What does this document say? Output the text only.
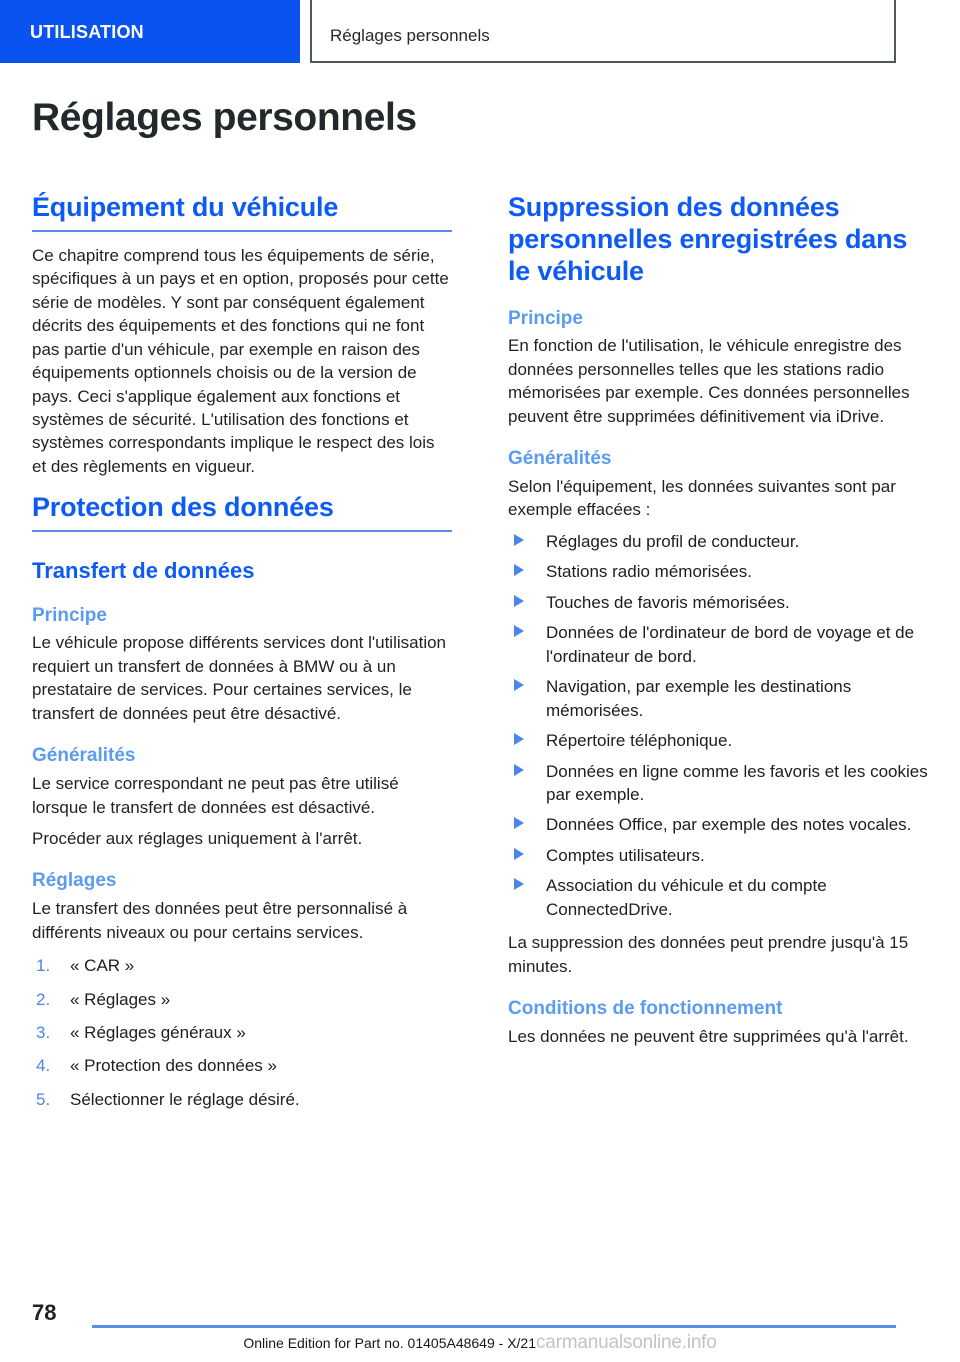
UTILISATION	Réglages personnels
Réglages personnels
Équipement du véhicule

Ce chapitre comprend tous les équipements de série, spécifiques à un pays et en option, proposés pour cette série de modèles. Y sont par conséquent également décrits des équipements et des fonctions qui ne font pas partie d'un véhicule, par exemple en raison des équipements optionnels choisis ou de la version de pays. Ceci s'applique également aux fonctions et systèmes de sécurité. L'utilisation des fonctions et systèmes correspondants implique le respect des lois et des règlements en vigueur.

Protection des données
Transfert de données
Principe

Le véhicule propose différents services dont l'utilisation requiert un transfert de données à BMW ou à un prestataire de services. Pour certaines services, le transfert de données peut être désactivé.

Généralités

Le service correspondant ne peut pas être utilisé lorsque le transfert de données est désactivé.

Procéder aux réglages uniquement à l'arrêt.

Réglages

Le transfert des données peut être personnalisé à différents niveaux ou pour certains services.

1. « CAR »
2. « Réglages »
3. « Réglages généraux »
4. « Protection des données »
5. Sélectionner le réglage désiré.
Suppression des données personnelles enregistrées dans le véhicule
Principe

En fonction de l'utilisation, le véhicule enregistre des données personnelles telles que les stations radio mémorisées par exemple. Ces données personnelles peuvent être supprimées définitivement via iDrive.

Généralités

Selon l'équipement, les données suivantes sont par exemple effacées :

Réglages du profil de conducteur.
Stations radio mémorisées.
Touches de favoris mémorisées.
Données de l'ordinateur de bord de voyage et de l'ordinateur de bord.
Navigation, par exemple les destinations mémorisées.
Répertoire téléphonique.
Données en ligne comme les favoris et les cookies par exemple.
Données Office, par exemple des notes vocales.
Comptes utilisateurs.
Association du véhicule et du compte ConnectedDrive.

La suppression des données peut prendre jusqu'à 15 minutes.

Conditions de fonctionnement

Les données ne peuvent être supprimées qu'à l'arrêt.

78
Online Edition for Part no. 01405A48649 - X/21carmanualsonline.info
